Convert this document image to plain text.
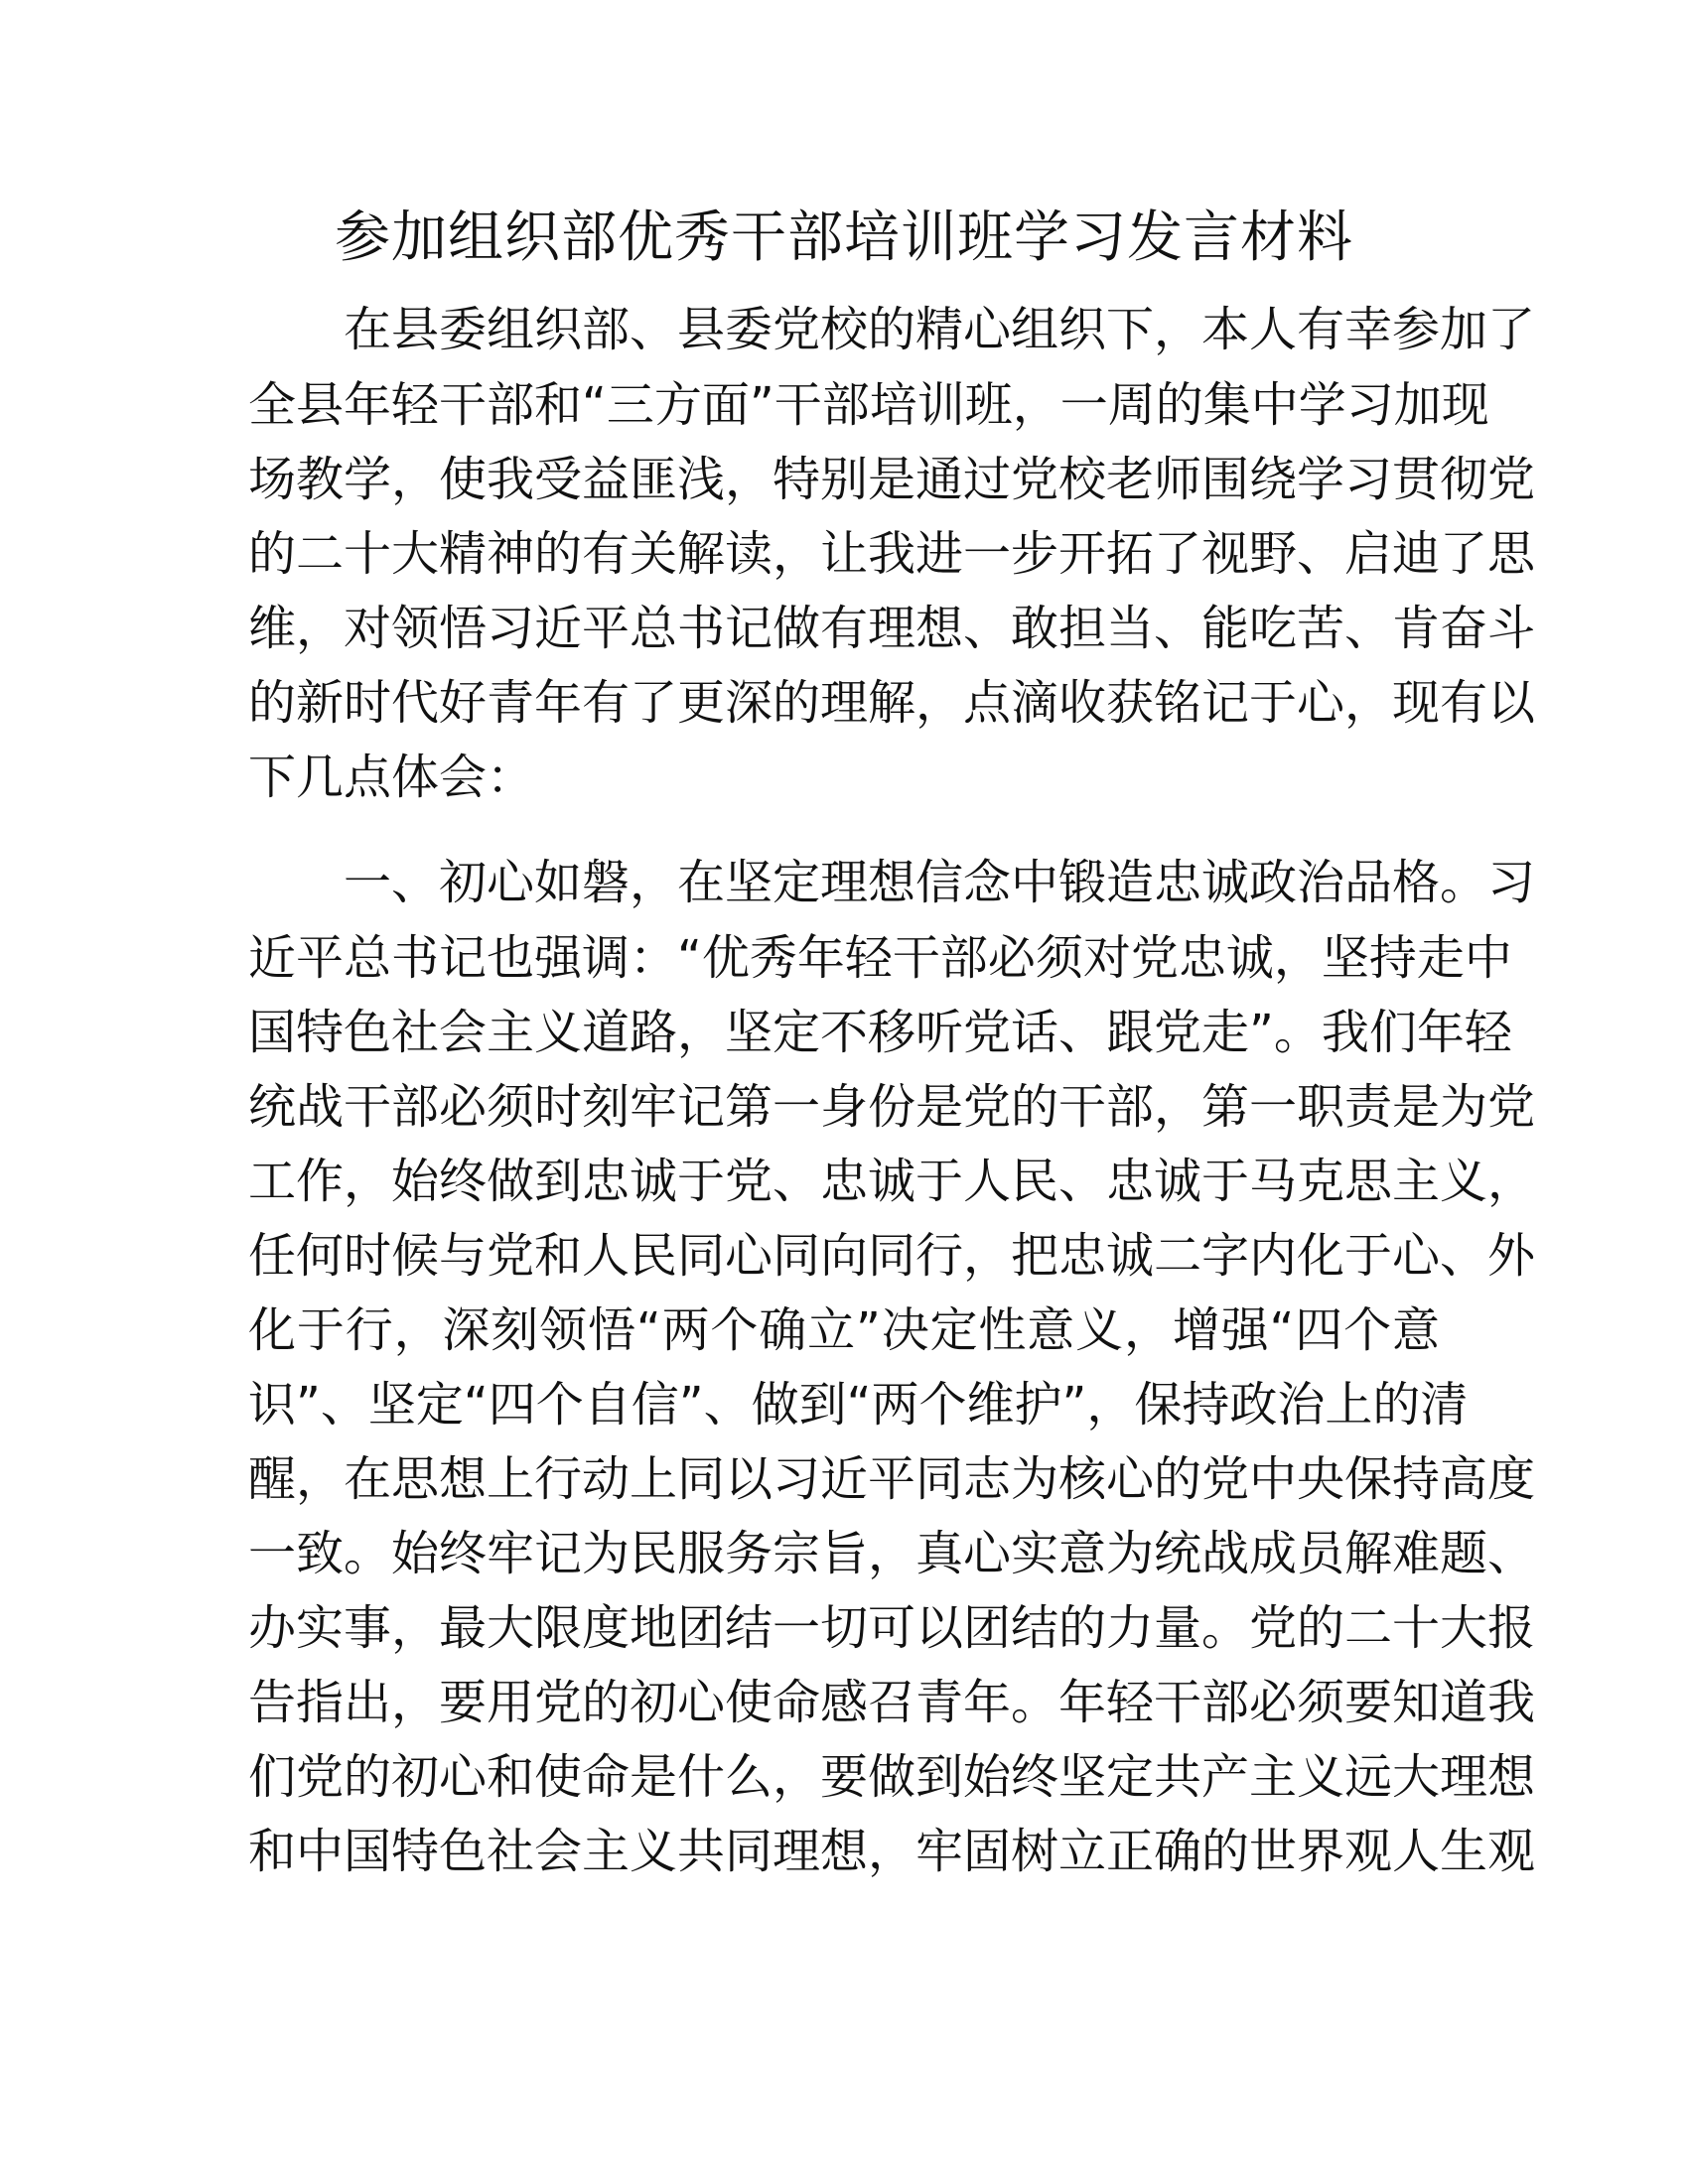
参加组织部优秀干部培训班学习发言材料
　　在县委组织部、县委党校的精心组织下，本人有幸参加了
全县年轻干部和“三方面”干部培训班，一周的集中学习加现
场教学，使我受益匪浅，特别是通过党校老师围绕学习贯彻党
的二十大精神的有关解读，让我进一步开拓了视野、启迪了思
维，对领悟习近平总书记做有理想、敢担当、能吃苦、肯奋斗
的新时代好青年有了更深的理解，点滴收获铭记于心，现有以
下几点体会：
　　一、初心如磐，在坚定理想信念中锻造忠诚政治品格。习
近平总书记也强调：“优秀年轻干部必须对党忠诚，坚持走中
国特色社会主义道路，坚定不移听党话、跟党走”。我们年轻
统战干部必须时刻牢记第一身份是党的干部，第一职责是为党
工作，始终做到忠诚于党、忠诚于人民、忠诚于马克思主义，
任何时候与党和人民同心同向同行，把忠诚二字内化于心、外
化于行，深刻领悟“两个确立”决定性意义，增强“四个意
识”、坚定“四个自信”、做到“两个维护”，保持政治上的清
醒，在思想上行动上同以习近平同志为核心的党中央保持高度
一致。始终牢记为民服务宗旨，真心实意为统战成员解难题、
办实事，最大限度地团结一切可以团结的力量。党的二十大报
告指出，要用党的初心使命感召青年。年轻干部必须要知道我
们党的初心和使命是什么，要做到始终坚定共产主义远大理想
和中国特色社会主义共同理想，牢固树立正确的世界观人生观
